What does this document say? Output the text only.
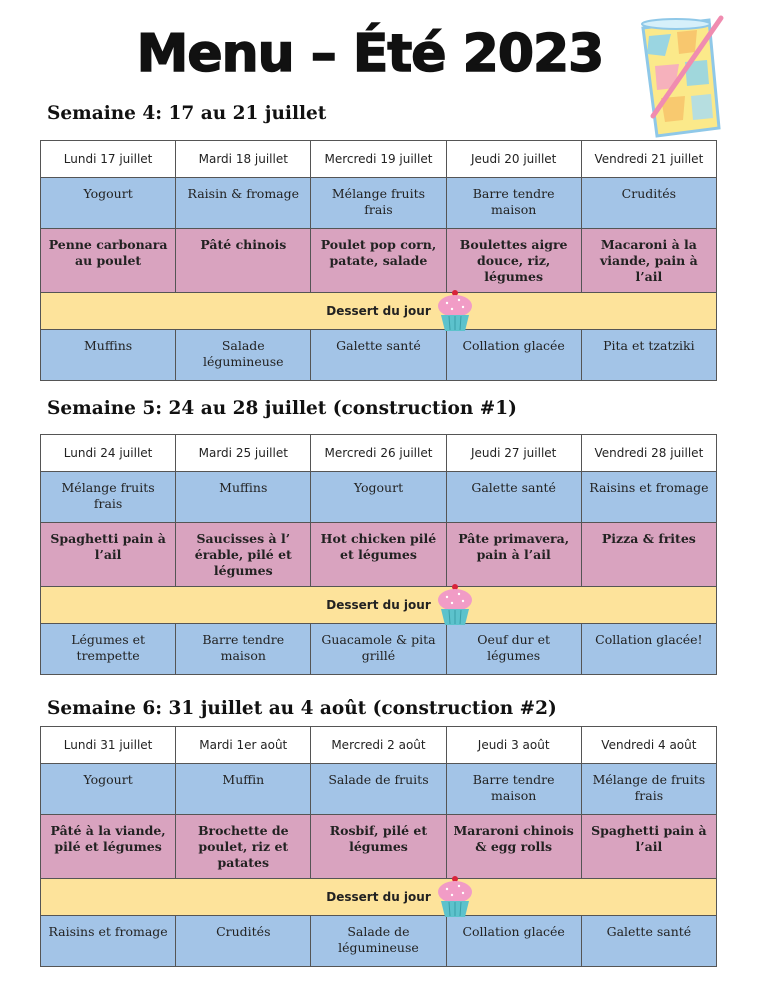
Menu – Été 2023
Semaine 4: 17 au 21 juillet
Lundi 17 juillet	Mardi 18 juillet	Mercredi 19 juillet	Jeudi 20 juillet	Vendredi 21 juillet
Yogourt	Raisin & fromage	Mélange fruits frais	Barre tendre maison	Crudités
Penne carbonara au poulet	Pâté chinois	Poulet pop corn, patate, salade	Boulettes aigre douce, riz, légumes	Macaroni à la viande, pain à l’ail
Dessert du jour				

Muffins	Salade légumineuse	Galette santé	Collation glacée	Pita et tzatziki
Semaine 5: 24 au 28 juillet (construction #1)
Lundi 24 juillet	Mardi 25 juillet	Mercredi 26 juillet	Jeudi 27 juillet	Vendredi 28 juillet
Mélange fruits frais	Muffins	Yogourt	Galette santé	Raisins et fromage
Spaghetti pain à l’ail	Saucisses à l’ érable, pilé et légumes	Hot chicken pilé et légumes	Pâte primavera, pain à l’ail	Pizza & frites
Dessert du jour				

Légumes et trempette	Barre tendre maison	Guacamole & pita grillé	Oeuf dur et légumes	Collation glacée!
Semaine 6: 31 juillet au 4 août (construction #2)
Lundi 31 juillet	Mardi 1er août	Mercredi 2 août	Jeudi 3 août	Vendredi 4 août
Yogourt	Muffin	Salade de fruits	Barre tendre maison	Mélange de fruits frais
Pâté à la viande, pilé et légumes	Brochette de poulet, riz et patates	Rosbif, pilé et légumes	Mararoni chinois & egg rolls	Spaghetti pain à l’ail
Dessert du jour				

Raisins et fromage	Crudités	Salade de légumineuse	Collation glacée	Galette santé
